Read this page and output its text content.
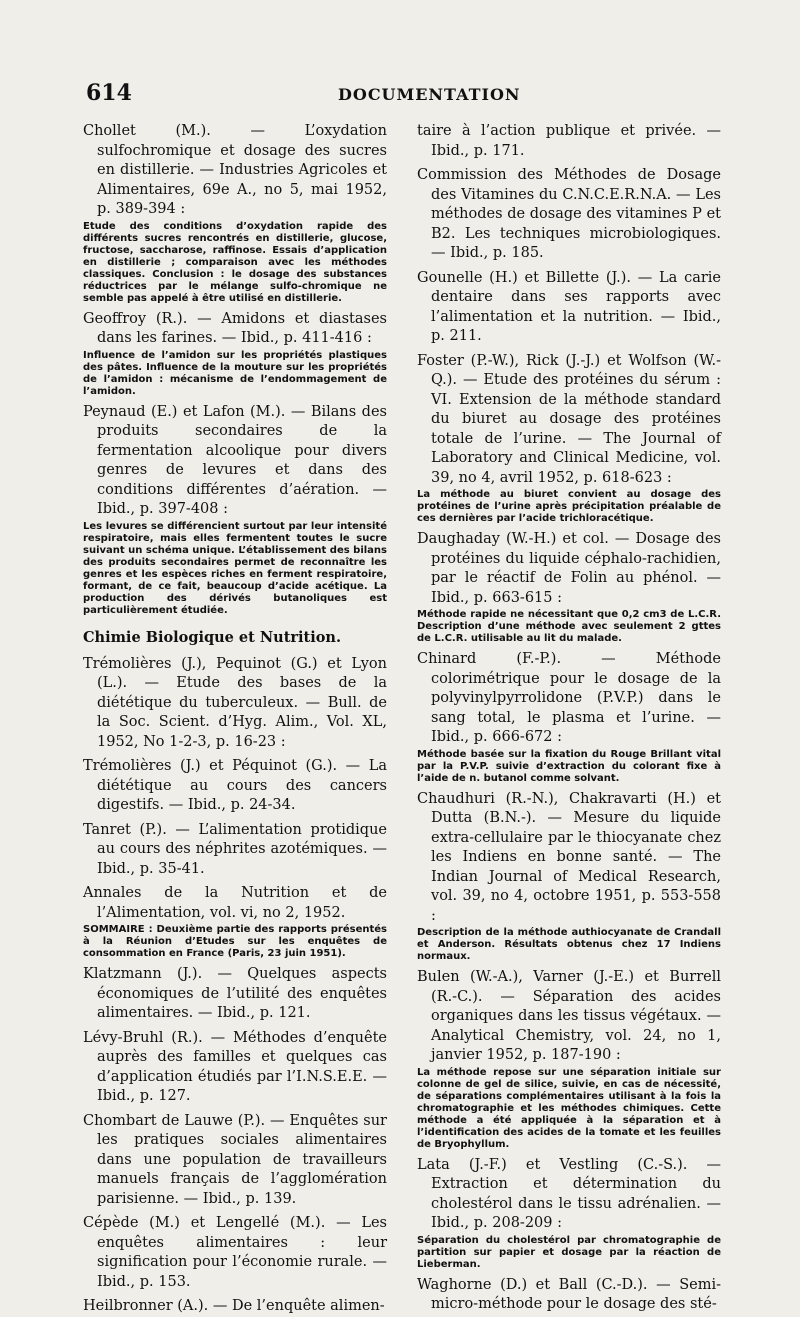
614	DOCUMENTATION
Chollet (M.). — L’oxydation sulfochromique et dosage des sucres en distillerie. — Industries Agricoles et Alimentaires, 69e A., no 5, mai 1952, p. 389-394 :
Etude des conditions d’oxydation rapide des différents sucres rencontrés en distillerie, glucose, fructose, saccharose, raffinose. Essais d’application en distillerie ; comparaison avec les méthodes classiques. Conclusion : le dosage des substances réductrices par le mélange sulfo-chromique ne semble pas appelé à être utilisé en distillerie.
Geoffroy (R.). — Amidons et diastases dans les farines. — Ibid., p. 411-416 :
Influence de l’amidon sur les propriétés plastiques des pâtes. Influence de la mouture sur les propriétés de l’amidon : mécanisme de l’endommagement de l’amidon.
Peynaud (E.) et Lafon (M.). — Bilans des produits secondaires de la fermentation alcoolique pour divers genres de levures et dans des conditions différentes d’aération. — Ibid., p. 397-408 :
Les levures se différencient surtout par leur intensité respiratoire, mais elles fermentent toutes le sucre suivant un schéma unique. L’établissement des bilans des produits secondaires permet de reconnaître les genres et les espèces riches en ferment respiratoire, formant, de ce fait, beaucoup d’acide acétique. La production des dérivés butanoliques est particulièrement étudiée.
Chimie Biologique et Nutrition.
Trémolières (J.), Pequinot (G.) et Lyon (L.). — Etude des bases de la diététique du tuberculeux. — Bull. de la Soc. Scient. d’Hyg. Alim., Vol. XL, 1952, No 1-2-3, p. 16-23 :
Trémolières (J.) et Péquinot (G.). — La diététique au cours des cancers digestifs. — Ibid., p. 24-34.
Tanret (P.). — L’alimentation protidique au cours des néphrites azotémiques. — Ibid., p. 35-41.
Annales de la Nutrition et de l’Alimentation, vol. vi, no 2, 1952.
SOMMAIRE : Deuxième partie des rapports présentés à la Réunion d’Etudes sur les enquêtes de consommation en France (Paris, 23 juin 1951).
Klatzmann (J.). — Quelques aspects économiques de l’utilité des enquêtes alimentaires. — Ibid., p. 121.
Lévy-Bruhl (R.). — Méthodes d’enquête auprès des familles et quelques cas d’application étudiés par l’I.N.S.E.E. — Ibid., p. 127.
Chombart de Lauwe (P.). — Enquêtes sur les pratiques sociales alimentaires dans une population de travailleurs manuels français de l’agglomération parisienne. — Ibid., p. 139.
Cépède (M.) et Lengellé (M.). — Les enquêtes alimentaires : leur signification pour l’économie rurale. — Ibid., p. 153.
Heilbronner (A.). — De l’enquête alimen-
taire à l’action publique et privée. — Ibid., p. 171.
Commission des Méthodes de Dosage des Vitamines du C.N.C.E.R.N.A. — Les méthodes de dosage des vitamines P et B2. Les techniques microbiologiques. — Ibid., p. 185.
Gounelle (H.) et Billette (J.). — La carie dentaire dans ses rapports avec l’alimentation et la nutrition. — Ibid., p. 211.
Foster (P.-W.), Rick (J.-J.) et Wolfson (W.-Q.). — Etude des protéines du sérum : VI. Extension de la méthode standard du biuret au dosage des protéines totale de l’urine. — The Journal of Laboratory and Clinical Medicine, vol. 39, no 4, avril 1952, p. 618-623 :
La méthode au biuret convient au dosage des protéines de l’urine après précipitation préalable de ces dernières par l’acide trichloracétique.
Daughaday (W.-H.) et col. — Dosage des protéines du liquide céphalo-rachidien, par le réactif de Folin au phénol. — Ibid., p. 663-615 :
Méthode rapide ne nécessitant que 0,2 cm3 de L.C.R. Description d’une méthode avec seulement 2 gttes de L.C.R. utilisable au lit du malade.
Chinard (F.-P.). — Méthode colorimétrique pour le dosage de la polyvinylpyrrolidone (P.V.P.) dans le sang total, le plasma et l’urine. — Ibid., p. 666-672 :
Méthode basée sur la fixation du Rouge Brillant vital par la P.V.P. suivie d’extraction du colorant fixe à l’aide de n. butanol comme solvant.
Chaudhuri (R.-N.), Chakravarti (H.) et Dutta (B.N.-). — Mesure du liquide extra-cellulaire par le thiocyanate chez les Indiens en bonne santé. — The Indian Journal of Medical Research, vol. 39, no 4, octobre 1951, p. 553-558 :
Description de la méthode authiocyanate de Crandall et Anderson. Résultats obtenus chez 17 Indiens normaux.
Bulen (W.-A.), Varner (J.-E.) et Burrell (R.-C.). — Séparation des acides organiques dans les tissus végétaux. — Analytical Chemistry, vol. 24, no 1, janvier 1952, p. 187-190 :
La méthode repose sur une séparation initiale sur colonne de gel de silice, suivie, en cas de nécessité, de séparations complémentaires utilisant à la fois la chromatographie et les méthodes chimiques. Cette méthode a été appliquée à la séparation et à l’identification des acides de la tomate et les feuilles de Bryophyllum.
Lata (J.-F.) et Vestling (C.-S.). — Extraction et détermination du cholestérol dans le tissu adrénalien. — Ibid., p. 208-209 :
Séparation du cholestérol par chromatographie de partition sur papier et dosage par la réaction de Lieberman.
Waghorne (D.) et Ball (C.-D.). — Semi-micro-méthode pour le dosage des sté-
